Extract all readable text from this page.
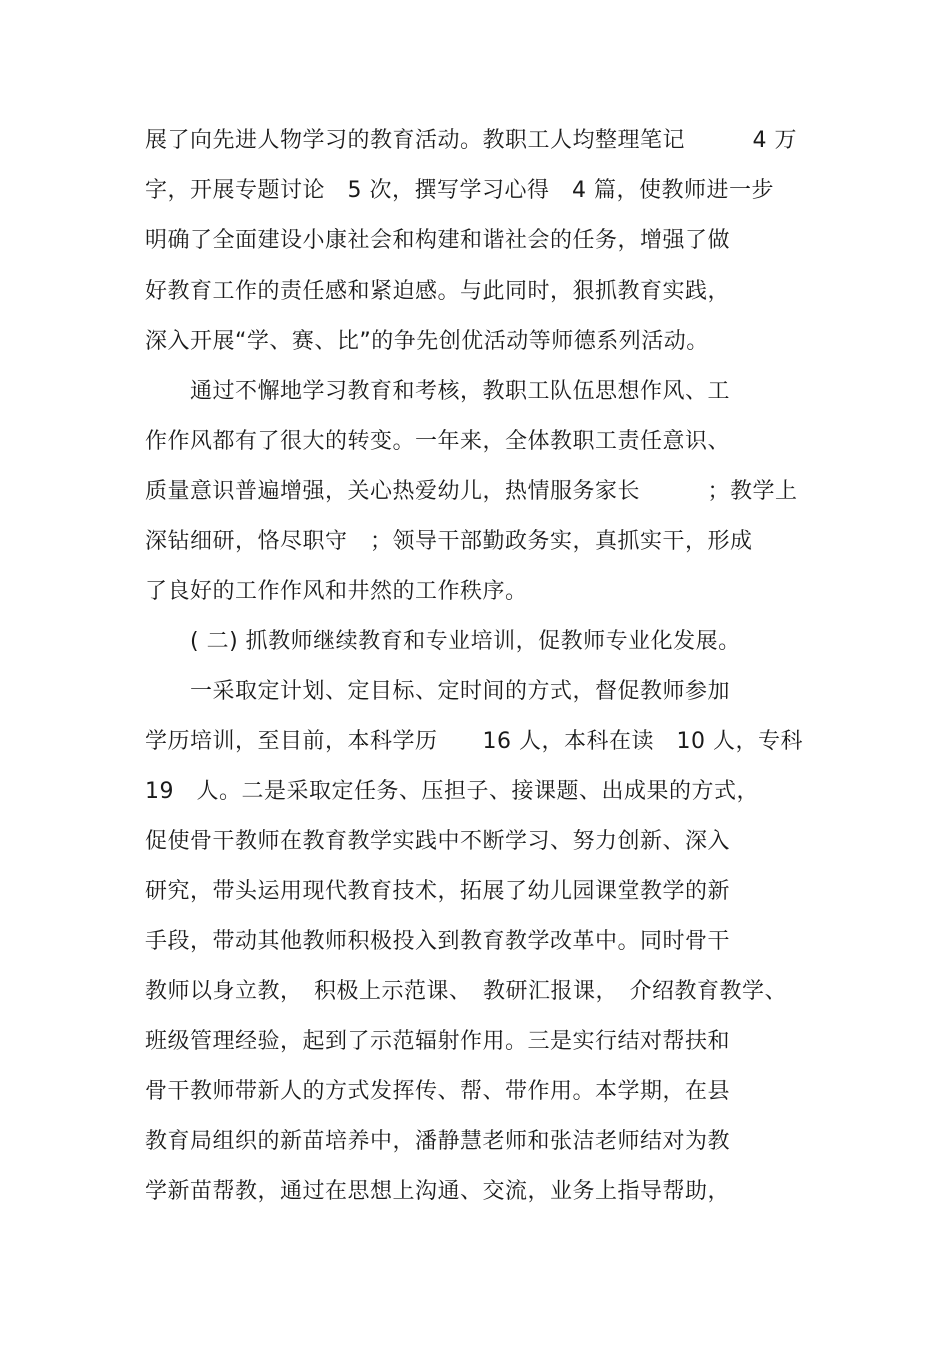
展了向先进人物学习的教育活动。教职工人均整理笔记　　　4 万
字，开展专题讨论　5 次，撰写学习心得　4 篇，使教师进一步
明确了全面建设小康社会和构建和谐社会的任务，增强了做
好教育工作的责任感和紧迫感。与此同时，狠抓教育实践，
深入开展“学、赛、比”的争先创优活动等师德系列活动。
　　通过不懈地学习教育和考核，教职工队伍思想作风、工
作作风都有了很大的转变。一年来，全体教职工责任意识、
质量意识普遍增强，关心热爱幼儿，热情服务家长　　　；教学上
深钻细研，恪尽职守　；领导干部勤政务实，真抓实干，形成
了良好的工作作风和井然的工作秩序。
　　( 二) 抓教师继续教育和专业培训，促教师专业化发展。
　　一采取定计划、定目标、定时间的方式，督促教师参加
学历培训，至目前，本科学历　　16 人，本科在读　10 人，专科
19　人。二是采取定任务、压担子、接课题、出成果的方式，
促使骨干教师在教育教学实践中不断学习、努力创新、深入
研究，带头运用现代教育技术，拓展了幼儿园课堂教学的新
手段，带动其他教师积极投入到教育教学改革中。同时骨干
教师以身立教，　积极上示范课、　教研汇报课，　介绍教育教学、
班级管理经验，起到了示范辐射作用。三是实行结对帮扶和
骨干教师带新人的方式发挥传、帮、带作用。本学期，在县
教育局组织的新苗培养中，潘静慧老师和张洁老师结对为教
学新苗帮教，通过在思想上沟通、交流，业务上指导帮助，
